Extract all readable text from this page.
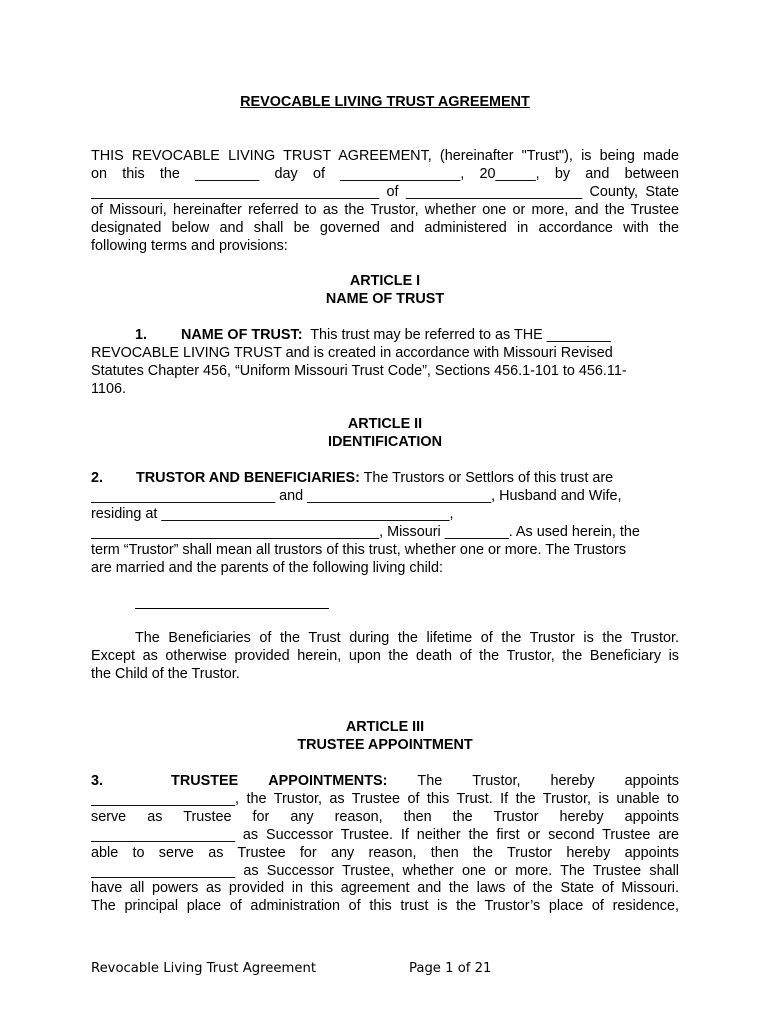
REVOCABLE LIVING TRUST AGREEMENT
THIS REVOCABLE LIVING TRUST AGREEMENT, (hereinafter "Trust"), is being made
on this the ________ day of _______________, 20_____, by and between
____________________________________ of ______________________ County, State
of Missouri, hereinafter referred to as the Trustor, whether one or more, and the Trustee
designated below and shall be governed and administered in accordance with the
following terms and provisions:
ARTICLE I
NAME OF TRUST
1. NAME OF TRUST: This trust may be referred to as THE ________
REVOCABLE LIVING TRUST and is created in accordance with Missouri Revised
Statutes Chapter 456, “Uniform Missouri Trust Code”, Sections 456.1-101 to 456.11-
1106.
ARTICLE II
IDENTIFICATION
2. TRUSTOR AND BENEFICIARIES: The Trustors or Settlors of this trust are
_______________________ and _______________________, Husband and Wife,
residing at ____________________________________,
____________________________________, Missouri ________. As used herein, the
term “Trustor” shall mean all trustors of this trust, whether one or more. The Trustors
are married and the parents of the following living child:
The Beneficiaries of the Trust during the lifetime of the Trustor is the Trustor.
Except as otherwise provided herein, upon the death of the Trustor, the Beneficiary is
the Child of the Trustor.
ARTICLE III
TRUSTEE APPOINTMENT
3.	TRUSTEE APPOINTMENTS: The Trustor, hereby appoints
__________________, the Trustor, as Trustee of this Trust. If the Trustor, is unable to
serve as Trustee for any reason, then the Trustor hereby appoints
__________________ as Successor Trustee. If neither the first or second Trustee are
able to serve as Trustee for any reason, then the Trustor hereby appoints
__________________ as Successor Trustee, whether one or more. The Trustee shall
have all powers as provided in this agreement and the laws of the State of Missouri.
The principal place of administration of this trust is the Trustor’s place of residence,
Revocable Living Trust Agreement	Page 1 of 21
